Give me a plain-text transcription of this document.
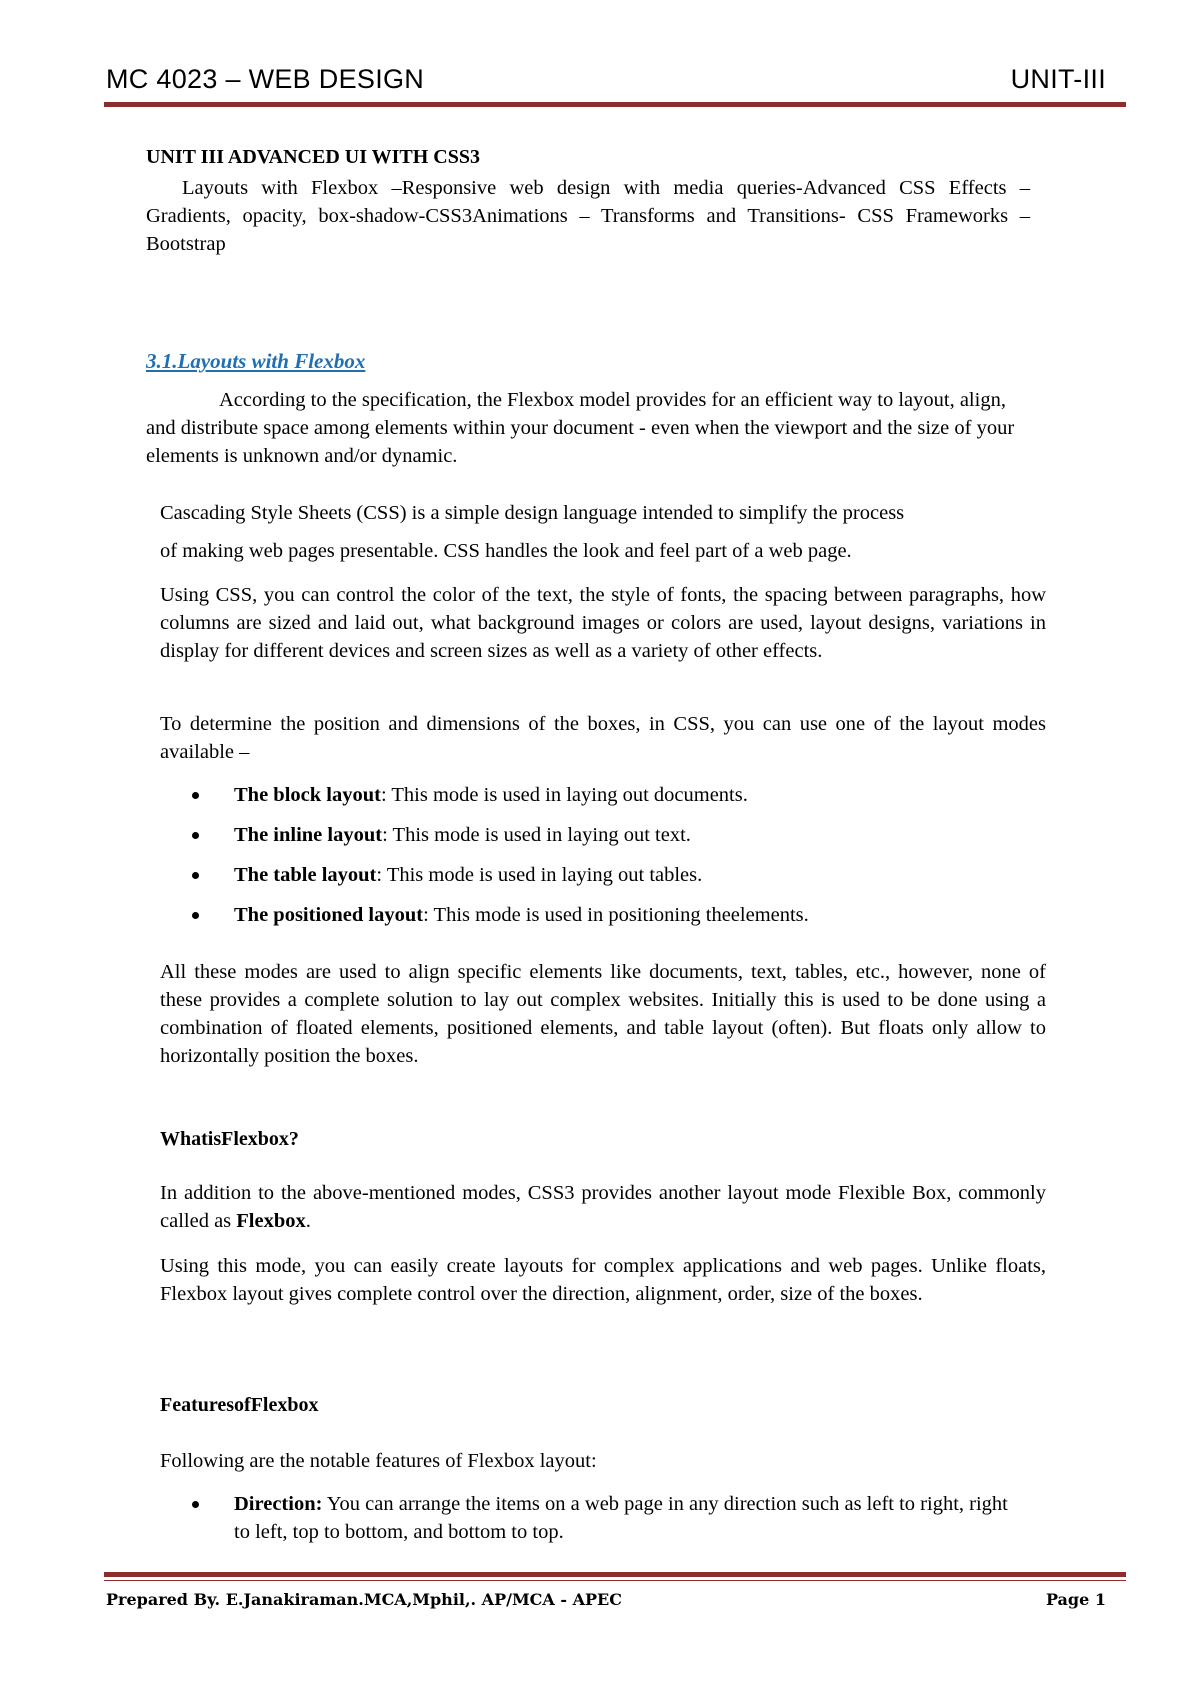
MC 4023 – WEB DESIGN	UNIT-III
UNIT III ADVANCED UI WITH CSS3
Layouts with Flexbox –Responsive web design with media queries-Advanced CSS Effects – Gradients, opacity, box-shadow-CSS3Animations – Transforms and Transitions- CSS Frameworks – Bootstrap
3.1.Layouts with Flexbox
According to the specification, the Flexbox model provides for an efficient way to layout, align, and distribute space among elements within your document - even when the viewport and the size of your elements is unknown and/or dynamic.
Cascading Style Sheets (CSS) is a simple design language intended to simplify the process
of making web pages presentable. CSS handles the look and feel part of a web page.
Using CSS, you can control the color of the text, the style of fonts, the spacing between paragraphs, how columns are sized and laid out, what background images or colors are used, layout designs, variations in display for different devices and screen sizes as well as a variety of other effects.
To determine the position and dimensions of the boxes, in CSS, you can use one of the layout modes available –
The block layout: This mode is used in laying out documents.
The inline layout: This mode is used in laying out text.
The table layout: This mode is used in laying out tables.
The positioned layout: This mode is used in positioning theelements.
All these modes are used to align specific elements like documents, text, tables, etc., however, none of these provides a complete solution to lay out complex websites. Initially this is used to be done using a combination of floated elements, positioned elements, and table layout (often). But floats only allow to horizontally position the boxes.
WhatisFlexbox?
In addition to the above-mentioned modes, CSS3 provides another layout mode Flexible Box, commonly called as Flexbox.
Using this mode, you can easily create layouts for complex applications and web pages. Unlike floats, Flexbox layout gives complete control over the direction, alignment, order, size of the boxes.
FeaturesofFlexbox
Following are the notable features of Flexbox layout:
Direction: You can arrange the items on a web page in any direction such as left to right, right to left, top to bottom, and bottom to top.
Prepared By. E.Janakiraman.MCA,Mphil,. AP/MCA - APEC	Page 1
